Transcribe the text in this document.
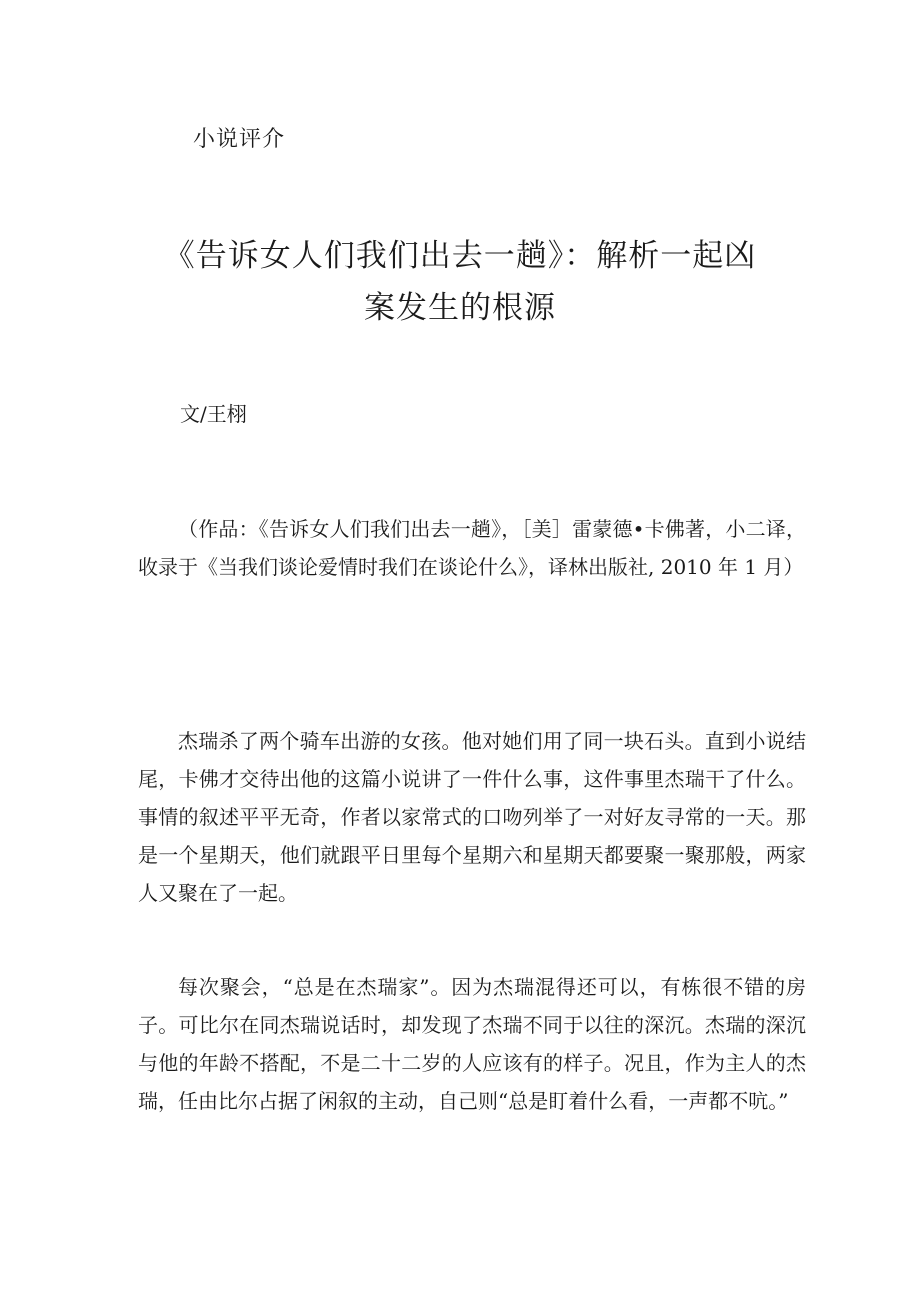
小说评介
《告诉女人们我们出去一趟》：解析一起凶
案发生的根源
文/王栩

（作品：《告诉女人们我们出去一趟》，［美］雷蒙德•卡佛著，小二译，收录于《当我们谈论爱情时我们在谈论什么》，译林出版社, 2010 年 1 月）

杰瑞杀了两个骑车出游的女孩。他对她们用了同一块石头。直到小说结尾，卡佛才交待出他的这篇小说讲了一件什么事，这件事里杰瑞干了什么。事情的叙述平平无奇，作者以家常式的口吻列举了一对好友寻常的一天。那是一个星期天，他们就跟平日里每个星期六和星期天都要聚一聚那般，两家人又聚在了一起。

每次聚会，“总是在杰瑞家”。因为杰瑞混得还可以，有栋很不错的房子。可比尔在同杰瑞说话时，却发现了杰瑞不同于以往的深沉。杰瑞的深沉与他的年龄不搭配，不是二十二岁的人应该有的样子。况且，作为主人的杰瑞，任由比尔占据了闲叙的主动，自己则“总是盯着什么看，一声都不吭。”
